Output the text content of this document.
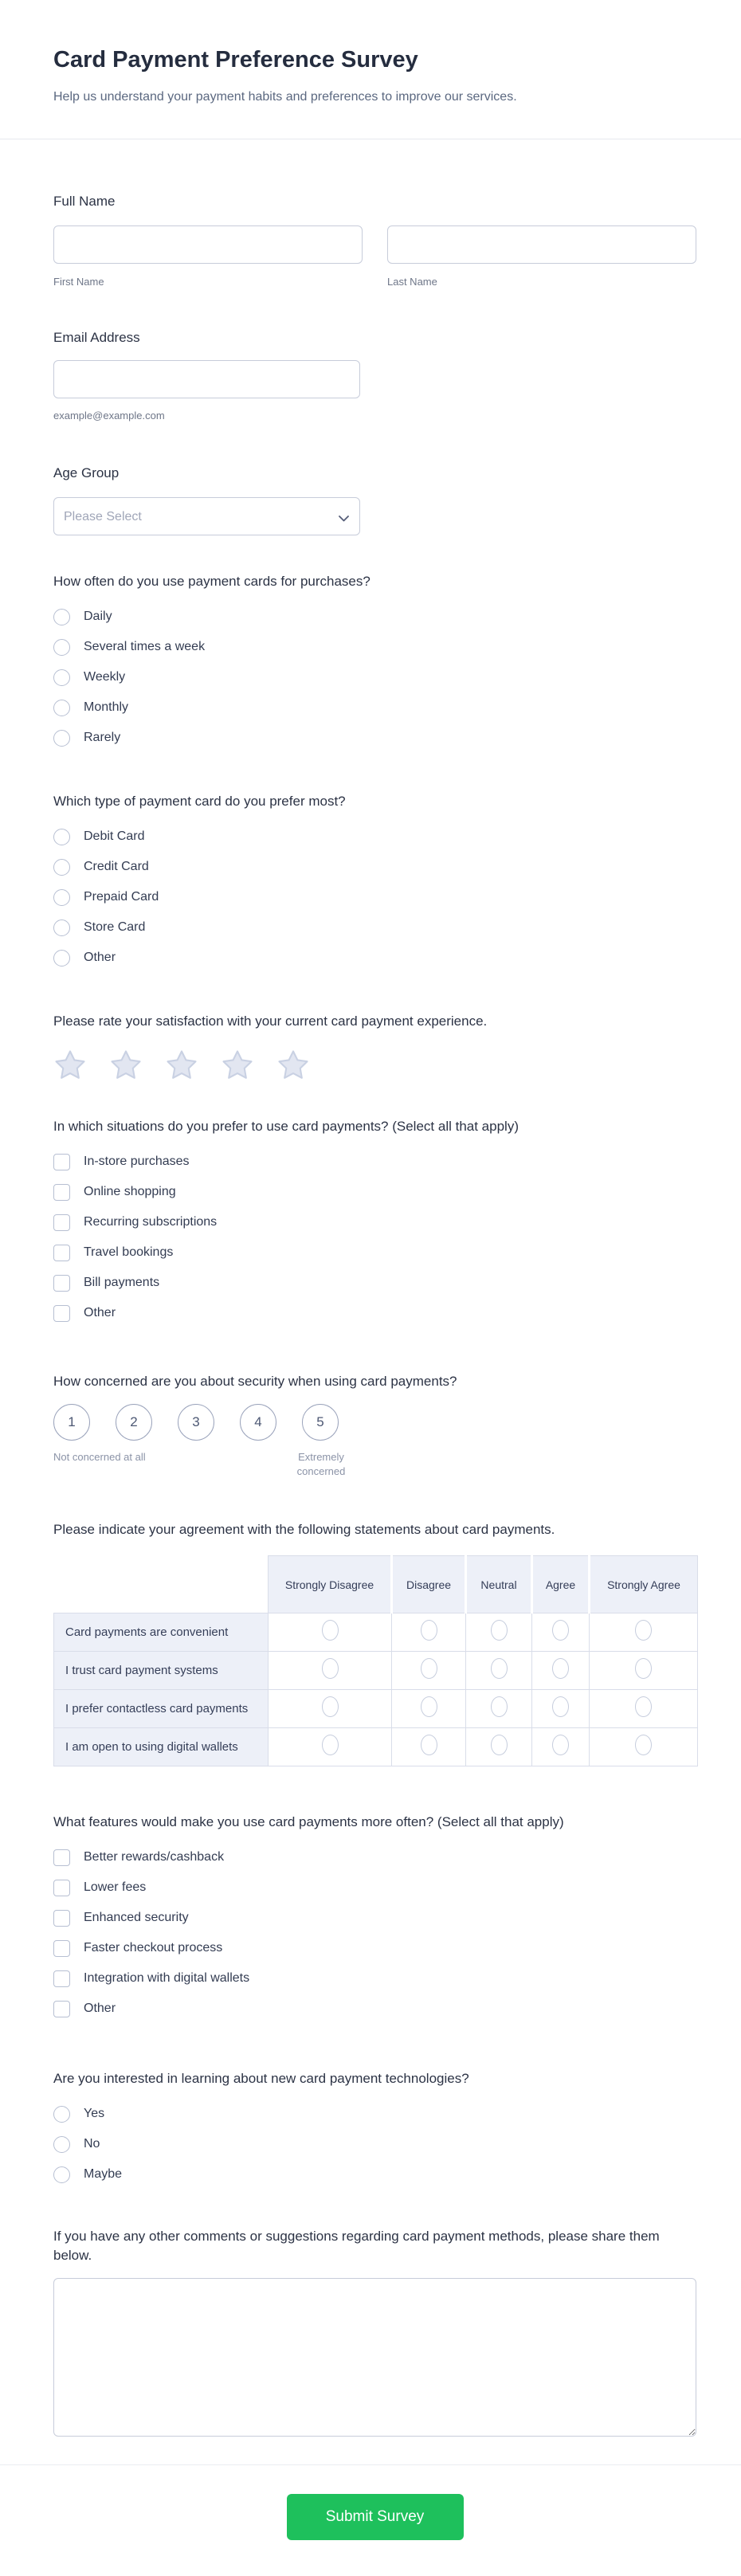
Card Payment Preference Survey
Help us understand your payment habits and preferences to improve our services.
Full Name
First Name	Last Name
Email Address
example@example.com
Age Group
Please Select
How often do you use payment cards for purchases?
Daily
Several times a week
Weekly
Monthly
Rarely
Which type of payment card do you prefer most?
Debit Card
Credit Card
Prepaid Card
Store Card
Other
Please rate your satisfaction with your current card payment experience.
In which situations do you prefer to use card payments? (Select all that apply)
In-store purchases
Online shopping
Recurring subscriptions
Travel bookings
Bill payments
Other
How concerned are you about security when using card payments?
1	2	3	4	5
Not concerned at all	Extremely concerned
Please indicate your agreement with the following statements about card payments.
	Strongly Disagree	Disagree	Neutral	Agree	Strongly Agree
Card payments are convenient					
I trust card payment systems					
I prefer contactless card payments					
I am open to using digital wallets					
What features would make you use card payments more often? (Select all that apply)
Better rewards/cashback
Lower fees
Enhanced security
Faster checkout process
Integration with digital wallets
Other
Are you interested in learning about new card payment technologies?
Yes
No
Maybe
If you have any other comments or suggestions regarding card payment methods, please share them below.
Submit Survey
